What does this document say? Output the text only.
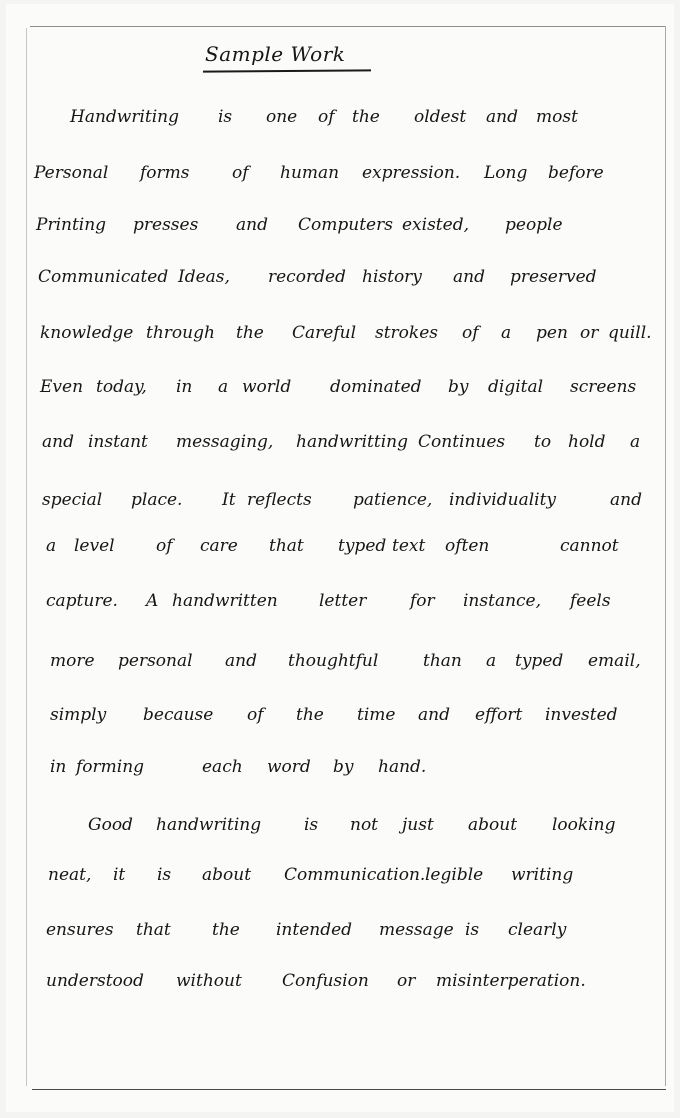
Sample Work
Handwriting is one of the oldest and most
Personal forms	of human expression. Long before
Printing presses and Computers existed, people
Communicated Ideas, recorded history and preserved
knowledge through the Careful strokes of a pen or quill.
Even today, in a world dominated by digital screens
and instant messaging, handwritting Continues to hold a
special place. It reflects patience, individuality	and
a level of care that typed text often	cannot
capture. A handwritten letter	for instance, feels
more personal and thoughtful	than a typed email,
simply because of the time and effort invested
in forming	each word by hand.
Good handwriting	is not just about looking
neat, it is about Communication. legible writing
ensures that the intended message is clearly
understood without Confusion or misinterperation.
